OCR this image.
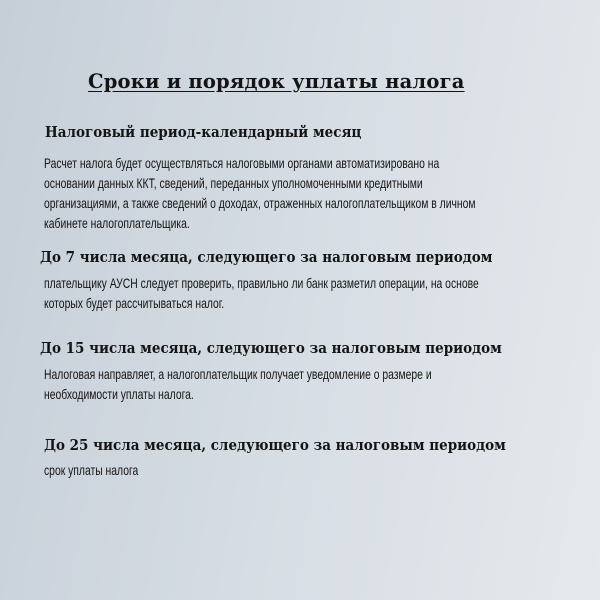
Сроки и порядок уплаты налога
Налоговый период-календарный месяц
Расчет налога будет осуществляться налоговыми органами автоматизировано на
основании данных ККТ, сведений, переданных уполномоченными кредитными
организациями, а также сведений о доходах, отраженных налогоплательщиком в личном
кабинете налогоплательщика.
До 7 числа месяца, следующего за налоговым периодом
плательщику АУСН следует проверить, правильно ли банк разметил операции, на основе
которых будет рассчитываться налог.
До 15 числа месяца, следующего за налоговым периодом
Налоговая направляет, а налогоплательщик получает уведомление о размере и
необходимости уплаты налога.
До 25 числа месяца, следующего за налоговым периодом
срок уплаты налога
